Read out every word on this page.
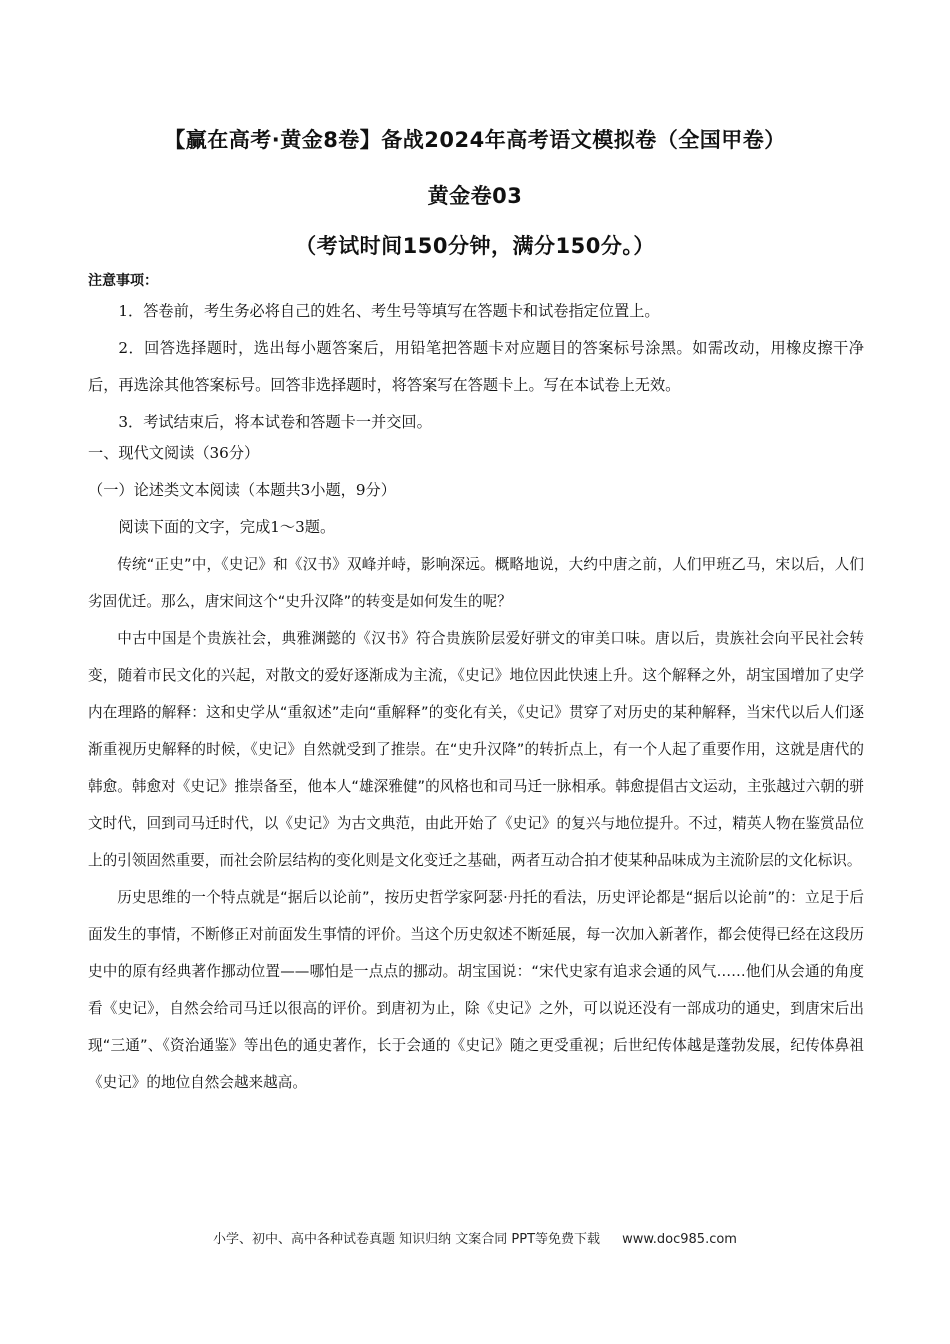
【赢在高考·黄金8卷】备战2024年高考语文模拟卷（全国甲卷）
黄金卷03
（考试时间150分钟，满分150分。）
注意事项：

1．答卷前，考生务必将自己的姓名、考生号等填写在答题卡和试卷指定位置上。

2．回答选择题时，选出每小题答案后，用铅笔把答题卡对应题目的答案标号涂黑。如需改动，用橡皮擦干净后，再选涂其他答案标号。回答非选择题时，将答案写在答题卡上。写在本试卷上无效。

3．考试结束后，将本试卷和答题卡一并交回。

一、现代文阅读（36分）

（一）论述类文本阅读（本题共3小题，9分）

阅读下面的文字，完成1～3题。

传统“正史”中，《史记》和《汉书》双峰并峙，影响深远。概略地说，大约中唐之前，人们甲班乙马，宋以后，人们劣固优迁。那么，唐宋间这个“史升汉降”的转变是如何发生的呢？

中古中国是个贵族社会，典雅渊懿的《汉书》符合贵族阶层爱好骈文的审美口味。唐以后，贵族社会向平民社会转变，随着市民文化的兴起，对散文的爱好逐渐成为主流，《史记》地位因此快速上升。这个解释之外，胡宝国增加了史学内在理路的解释：这和史学从“重叙述”走向“重解释”的变化有关，《史记》贯穿了对历史的某种解释，当宋代以后人们逐渐重视历史解释的时候，《史记》自然就受到了推崇。在“史升汉降”的转折点上，有一个人起了重要作用，这就是唐代的韩愈。韩愈对《史记》推崇备至，他本人“雄深雅健”的风格也和司马迁一脉相承。韩愈提倡古文运动，主张越过六朝的骈文时代，回到司马迁时代，以《史记》为古文典范，由此开始了《史记》的复兴与地位提升。不过，精英人物在鉴赏品位上的引领固然重要，而社会阶层结构的变化则是文化变迁之基础，两者互动合拍才使某种品味成为主流阶层的文化标识。

历史思维的一个特点就是“据后以论前”，按历史哲学家阿瑟·丹托的看法，历史评论都是“据后以论前”的：立足于后面发生的事情，不断修正对前面发生事情的评价。当这个历史叙述不断延展，每一次加入新著作，都会使得已经在这段历史中的原有经典著作挪动位置——哪怕是一点点的挪动。胡宝国说：“宋代史家有追求会通的风气……他们从会通的角度看《史记》，自然会给司马迁以很高的评价。到唐初为止，除《史记》之外，可以说还没有一部成功的通史，到唐宋后出现“三通”、《资治通鉴》等出色的通史著作，长于会通的《史记》随之更受重视；后世纪传体越是蓬勃发展，纪传体鼻祖《史记》的地位自然会越来越高。

小学、初中、高中各种试卷真题 知识归纳 文案合同 PPT等免费下载 www.doc985.com
